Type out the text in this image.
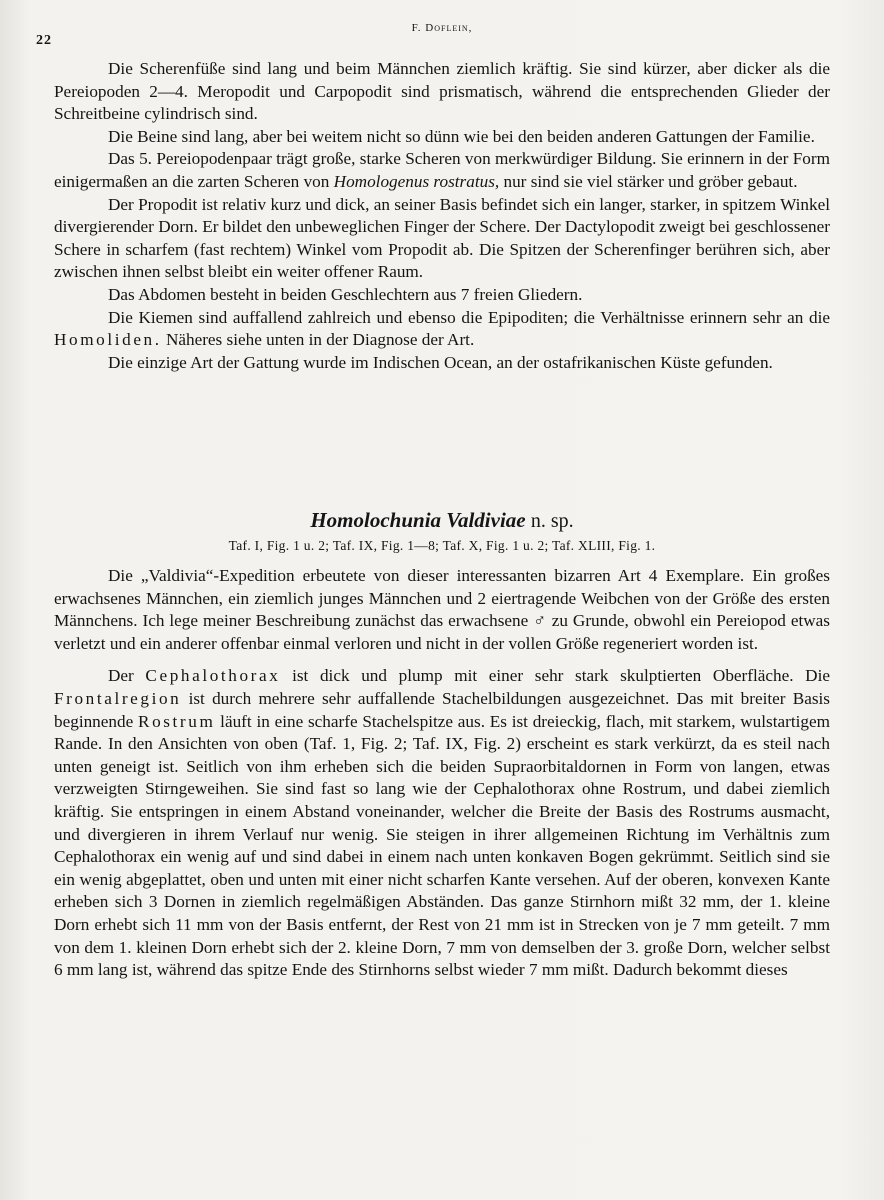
22
F. Doflein,

Die Scherenfüße sind lang und beim Männchen ziemlich kräftig. Sie sind kürzer, aber dicker als die Pereiopoden 2—4. Meropodit und Carpopodit sind prismatisch, während die entsprechenden Glieder der Schreitbeine cylindrisch sind.

Die Beine sind lang, aber bei weitem nicht so dünn wie bei den beiden anderen Gattungen der Familie.

Das 5. Pereiopodenpaar trägt große, starke Scheren von merkwürdiger Bildung. Sie erinnern in der Form einigermaßen an die zarten Scheren von Homologenus rostratus, nur sind sie viel stärker und gröber gebaut.

Der Propodit ist relativ kurz und dick, an seiner Basis befindet sich ein langer, starker, in spitzem Winkel divergierender Dorn. Er bildet den unbeweglichen Finger der Schere. Der Dactylopodit zweigt bei geschlossener Schere in scharfem (fast rechtem) Winkel vom Propodit ab. Die Spitzen der Scherenfinger berühren sich, aber zwischen ihnen selbst bleibt ein weiter offener Raum.

Das Abdomen besteht in beiden Geschlechtern aus 7 freien Gliedern.

Die Kiemen sind auffallend zahlreich und ebenso die Epipoditen; die Verhältnisse erinnern sehr an die Homoliden. Näheres siehe unten in der Diagnose der Art.

Die einzige Art der Gattung wurde im Indischen Ocean, an der ostafrikanischen Küste gefunden.

Homolochunia Valdiviae n. sp.
Taf. I, Fig. 1 u. 2; Taf. IX, Fig. 1—8; Taf. X, Fig. 1 u. 2; Taf. XLIII, Fig. 1.

Die „Valdivia“-Expedition erbeutete von dieser interessanten bizarren Art 4 Exemplare. Ein großes erwachsenes Männchen, ein ziemlich junges Männchen und 2 eiertragende Weibchen von der Größe des ersten Männchens. Ich lege meiner Beschreibung zunächst das erwachsene ♂ zu Grunde, obwohl ein Pereiopod etwas verletzt und ein anderer offenbar einmal verloren und nicht in der vollen Größe regeneriert worden ist.

Der Cephalothorax ist dick und plump mit einer sehr stark skulptierten Oberfläche. Die Frontalregion ist durch mehrere sehr auffallende Stachelbildungen ausgezeichnet. Das mit breiter Basis beginnende Rostrum läuft in eine scharfe Stachelspitze aus. Es ist dreieckig, flach, mit starkem, wulstartigem Rande. In den Ansichten von oben (Taf. 1, Fig. 2; Taf. IX, Fig. 2) erscheint es stark verkürzt, da es steil nach unten geneigt ist. Seitlich von ihm erheben sich die beiden Supraorbitaldornen in Form von langen, etwas verzweigten Stirngeweihen. Sie sind fast so lang wie der Cephalothorax ohne Rostrum, und dabei ziemlich kräftig. Sie entspringen in einem Abstand voneinander, welcher die Breite der Basis des Rostrums ausmacht, und divergieren in ihrem Verlauf nur wenig. Sie steigen in ihrer allgemeinen Richtung im Verhältnis zum Cephalothorax ein wenig auf und sind dabei in einem nach unten konkaven Bogen gekrümmt. Seitlich sind sie ein wenig abgeplattet, oben und unten mit einer nicht scharfen Kante versehen. Auf der oberen, konvexen Kante erheben sich 3 Dornen in ziemlich regelmäßigen Abständen. Das ganze Stirnhorn mißt 32 mm, der 1. kleine Dorn erhebt sich 11 mm von der Basis entfernt, der Rest von 21 mm ist in Strecken von je 7 mm geteilt. 7 mm von dem 1. kleinen Dorn erhebt sich der 2. kleine Dorn, 7 mm von demselben der 3. große Dorn, welcher selbst 6 mm lang ist, während das spitze Ende des Stirnhorns selbst wieder 7 mm mißt. Dadurch bekommt dieses
